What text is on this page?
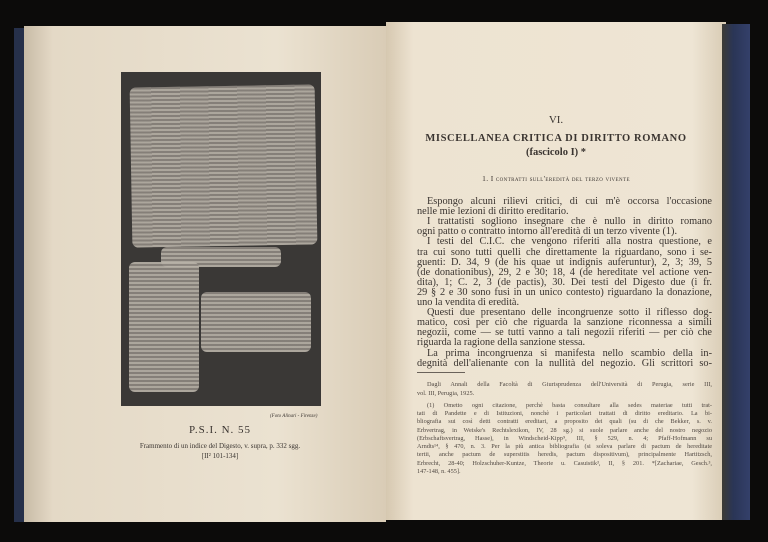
(Foto Alinari - Firenze)
P.S.I. N. 55
Frammento di un indice del Digesto, v. supra, p. 332 sgg.
[II² 101-134]
VI.
MISCELLANEA CRITICA DI DIRITTO ROMANO
(fascicolo I) *
1. I contratti sull'eredità del terzo vivente
Espongo alcuni rilievi critici, di cui m'è occorsa l'occasione
nelle mie lezioni di diritto ereditario.
I trattatisti sogliono insegnare che è nullo in diritto romano
ogni patto o contratto intorno all'eredità di un terzo vivente (1).
I testi del C.I.C. che vengono riferiti alla nostra questione, e
tra cui sono tutti quelli che direttamente la riguardano, sono i se-
guenti: D. 34, 9 (de his quae ut indignis auferuntur), 2, 3; 39, 5
(de donationibus), 29, 2 e 30; 18, 4 (de hereditate vel actione ven-
dita), 1; C. 2, 3 (de pactis), 30. Dei testi del Digesto due (i fr.
29 § 2 e 30 sono fusi in un unico contesto) riguardano la donazione,
uno la vendita di eredità.
Questi due presentano delle incongruenze sotto il riflesso dog-
matico, così per ciò che riguarda la sanzione riconnessa a simili
negozii, come — se tutti vanno a tali negozii riferiti — per ciò che
riguarda la ragione della sanzione stessa.
La prima incongruenza si manifesta nello scambio della in-
degnità dell'alienante con la nullità del negozio. Gli scrittori so-
Dagli Annali della Facoltà di Giurisprudenza dell'Università di Perugia, serie III,
vol. III, Perugia, 1925.
(1) Ometto ogni citazione, perchè basta consultare alla sedes materiae tutti trat-
tati di Pandette e di Istituzioni, nonchè i particolari trattati di diritto ereditario. La bi-
bliografia sui così detti contratti ereditari, a proposito dei quali (su di che Bekker, s. v.
Erbvertrag, in Weiske's Rechtslexikon, IV, 28 sg.) si suole parlare anche del nostro negozio
(Erbschaftsvertrag, Hasse), in Windscheid-Kipp⁹, III, § 529, n. 4; Pfaff-Hofmann su
Arndts¹⁴, § 470, n. 3. Per la più antica bibliografia (si soleva parlare di pactum de hereditate
tertii, anche pactum de superstitis heredis, pactum dispositivum), principalmente Hartitzsch,
Erbrecht, 28-40; Holzschuher-Kuntze, Theorie u. Casuistik³, II, § 201. *[Zachariae, Gesch.³,
147-148, n. 455].
